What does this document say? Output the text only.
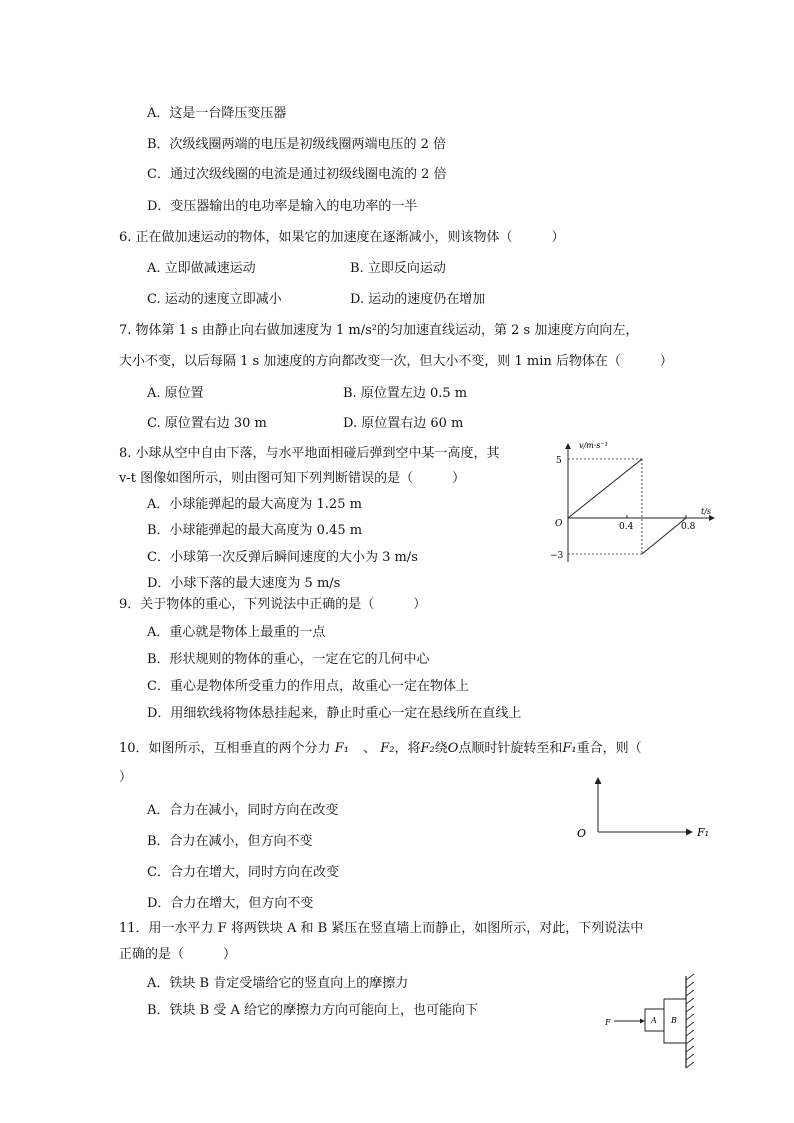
A．这是一台降压变压器
B．次级线圈两端的电压是初级线圈两端电压的 2 倍
C．通过次级线圈的电流是通过初级线圈电流的 2 倍
D．变压器输出的电功率是输入的电功率的一半
6. 正在做加速运动的物体，如果它的加速度在逐渐减小，则该物体（　　　）
A. 立即做减速运动	B. 立即反向运动
C. 运动的速度立即减小	D. 运动的速度仍在增加
7. 物体第 1 s 由静止向右做加速度为 1 m/s²的匀加速直线运动，第 2 s 加速度方向向左，
大小不变，以后每隔 1 s 加速度的方向都改变一次，但大小不变，则 1 min 后物体在（　　　）
A. 原位置	B. 原位置左边 0.5 m
C. 原位置右边 30 m	D. 原位置右边 60 m
8. 小球从空中自由下落，与水平地面相碰后弹到空中某一高度，其
v-t 图像如图所示，则由图可知下列判断错误的是（　　　）
A．小球能弹起的最大高度为 1.25 m
B．小球能弹起的最大高度为 0.45 m
C．小球第一次反弹后瞬间速度的大小为 3 m/s
D．小球下落的最大速度为 5 m/s
v/m·s⁻¹
t/s
O
5
−3
0.4	0.8
9．关于物体的重心，下列说法中正确的是（　　　）
A．重心就是物体上最重的一点
B．形状规则的物体的重心，一定在它的几何中心
C．重心是物体所受重力的作用点，故重心一定在物体上
D．用细软线将物体悬挂起来，静止时重心一定在悬线所在直线上
10．如图所示，互相垂直的两个分力 F₁ 、 F₂，将F₂绕O点顺时针旋转至和F₁重合，则（
）
A．合力在减小，同时方向在改变
B．合力在减小，但方向不变
C．合力在增大，同时方向在改变
D．合力在增大，但方向不变
O	F₁
11．用一水平力 F 将两铁块 A 和 B 紧压在竖直墙上而静止，如图所示，对此，下列说法中
正确的是（　　　）
A．铁块 B 肯定受墙给它的竖直向上的摩擦力
B．铁块 B 受 A 给它的摩擦力方向可能向上，也可能向下
F	A B
